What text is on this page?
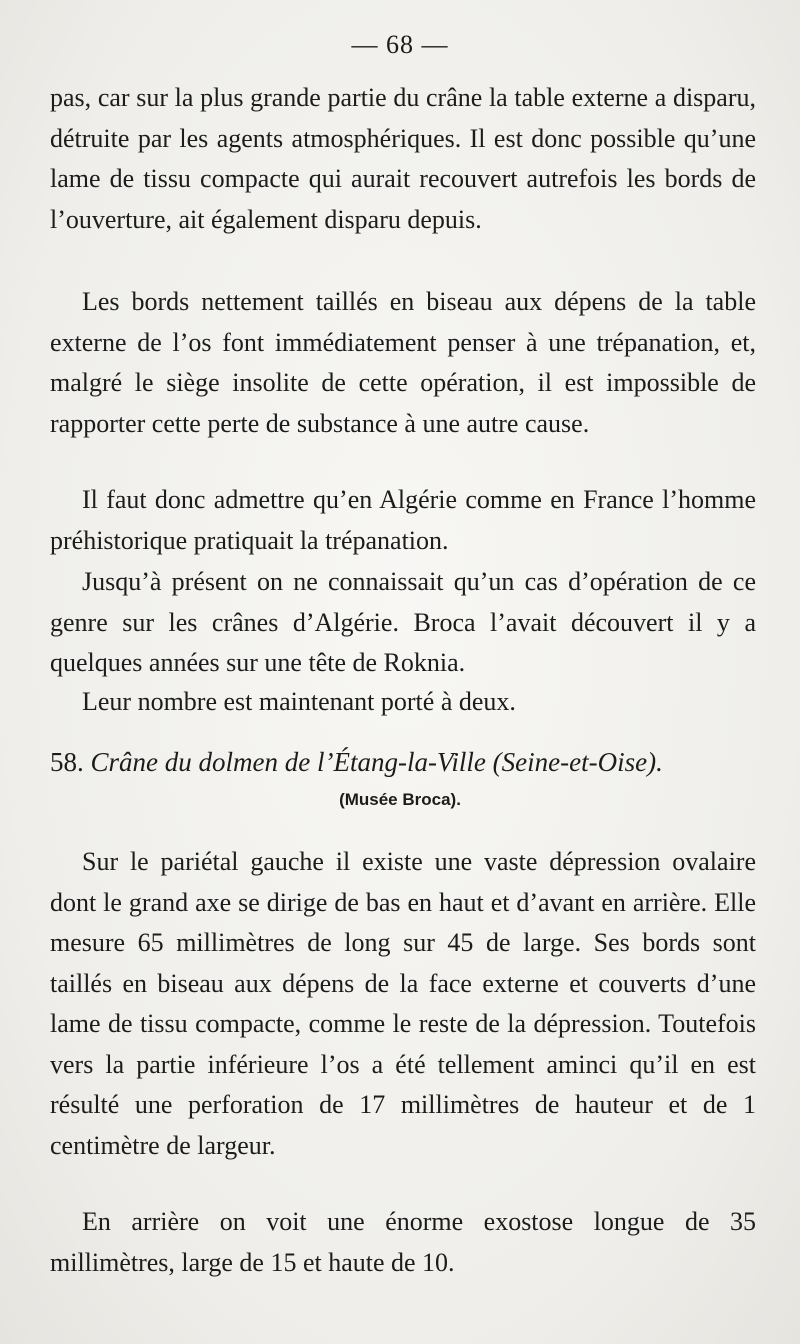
— 68 —

pas, car sur la plus grande partie du crâne la table externe a disparu, détruite par les agents atmosphériques. Il est donc possible qu’une lame de tissu compacte qui aurait recouvert autrefois les bords de l’ouverture, ait également disparu depuis.

Les bords nettement taillés en biseau aux dépens de la table externe de l’os font immédiatement penser à une trépanation, et, malgré le siège insolite de cette opération, il est impossible de rapporter cette perte de substance à une autre cause.

Il faut donc admettre qu’en Algérie comme en France l’homme préhistorique pratiquait la trépanation.

Jusqu’à présent on ne connaissait qu’un cas d’opération de ce genre sur les crânes d’Algérie. Broca l’avait découvert il y a quelques années sur une tête de Roknia.

Leur nombre est maintenant porté à deux.

58. Crâne du dolmen de l’Étang-la-Ville (Seine-et-Oise).
(Musée Broca).

Sur le pariétal gauche il existe une vaste dépression ovalaire dont le grand axe se dirige de bas en haut et d’avant en arrière. Elle mesure 65 millimètres de long sur 45 de large. Ses bords sont taillés en biseau aux dépens de la face externe et couverts d’une lame de tissu compacte, comme le reste de la dépression. Toutefois vers la partie inférieure l’os a été tellement aminci qu’il en est résulté une perforation de 17 millimètres de hauteur et de 1 centimètre de largeur.

En arrière on voit une énorme exostose longue de 35 millimètres, large de 15 et haute de 10.
